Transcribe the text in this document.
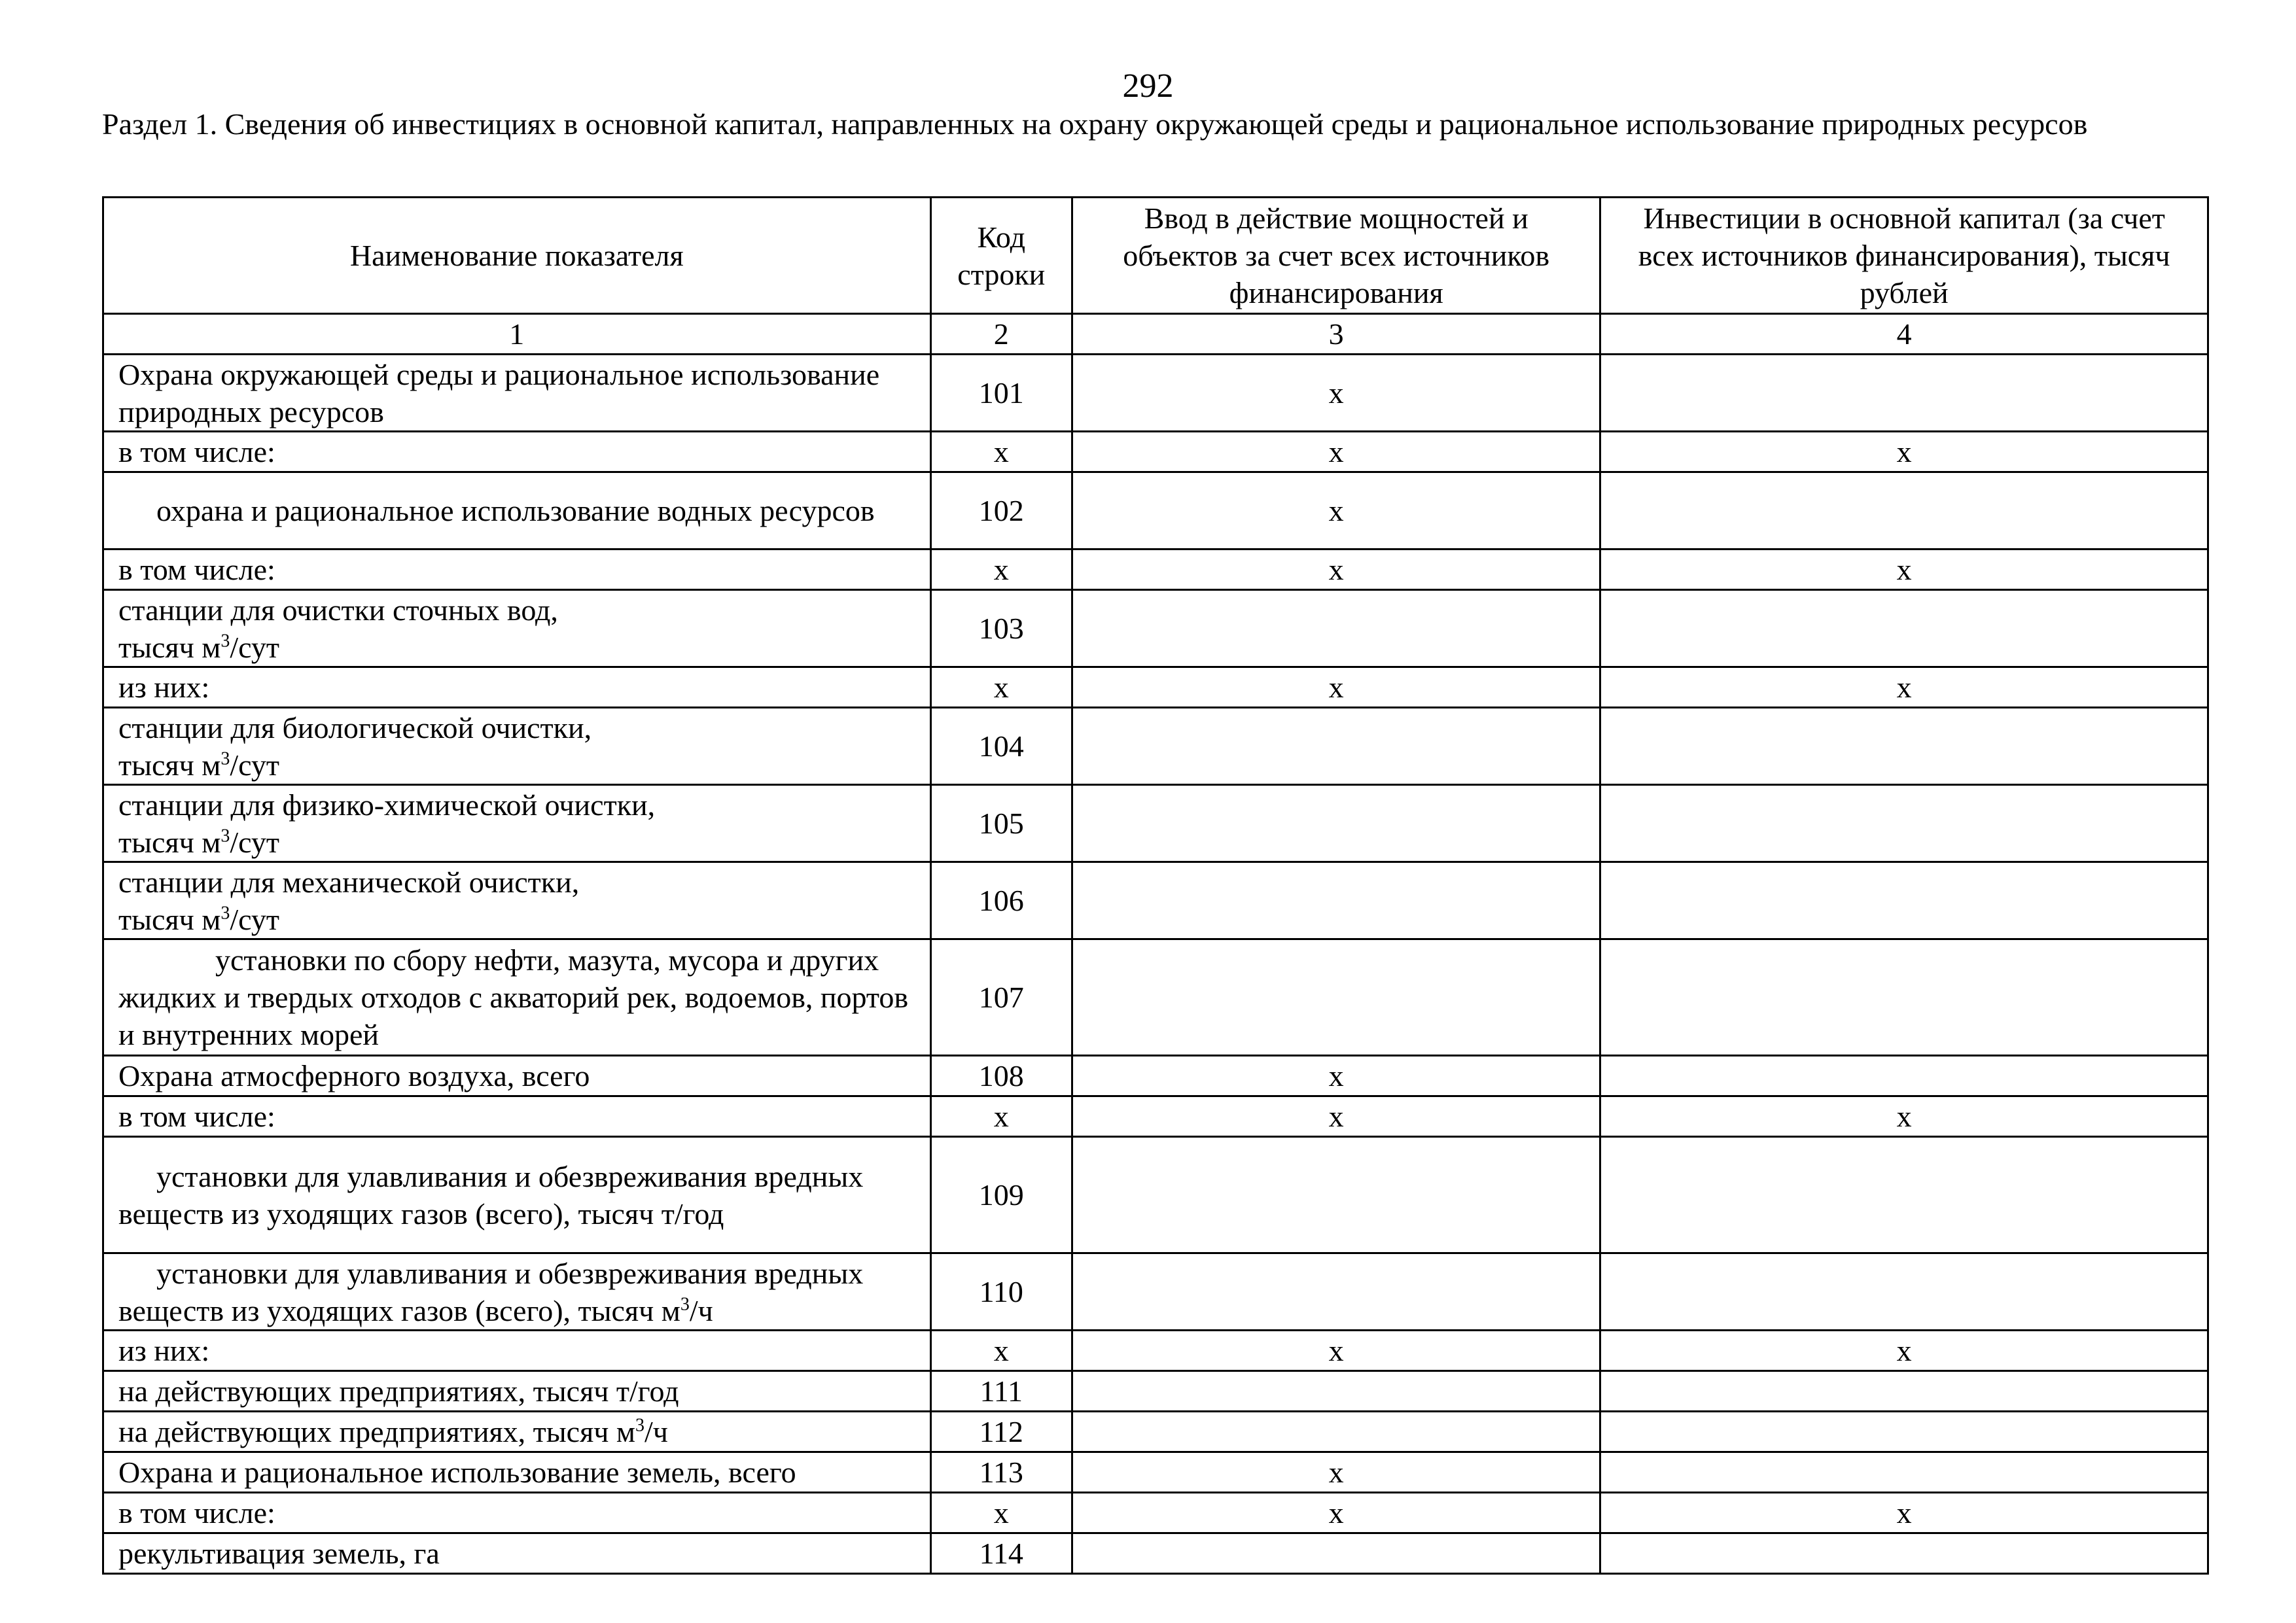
292
Раздел 1. Сведения об инвестициях в основной капитал, направленных на охрану окружающей среды и рациональное использование природных ресурсов
Наименование показателя	Код строки	Ввод в действие мощностей и объектов за счет всех источников финансирования	Инвестиции в основной капитал (за счет всех источников финансирования), тысяч рублей
1	2	3	4
Охрана окружающей среды и рациональное использование природных ресурсов	101	x	
в том числе:	x	x	x
охрана и рациональное использование водных ресурсов	102	x	
в том числе:	x	x	x
станции для очистки сточных вод,
тысяч $м^3$/сут	103		
из них:	x	x	x
станции для биологической очистки,
тысяч $м^3$/сут	104		
станции для физико-химической очистки,
тысяч $м^3$/сут	105		
станции для механической очистки,
тысяч $м^3$/сут	106		
установки по сбору нефти, мазута, мусора и других жидких и твердых отходов с акваторий рек, водоемов, портов и внутренних морей	107		
Охрана атмосферного воздуха, всего	108	x	
в том числе:	x	x	x
установки для улавливания и обезвреживания вредных веществ из уходящих газов (всего), тысяч т/год	109		
установки для улавливания и обезвреживания вредных веществ из уходящих газов (всего), тысяч $м^3/ч$	110		
из них:	x	x	x
на действующих предприятиях, тысяч т/год	111		
на действующих предприятиях, тысяч $м^3/ч$	112		
Охрана и рациональное использование земель, всего	113	x	
в том числе:	x	x	x
рекультивация земель, га	114		
